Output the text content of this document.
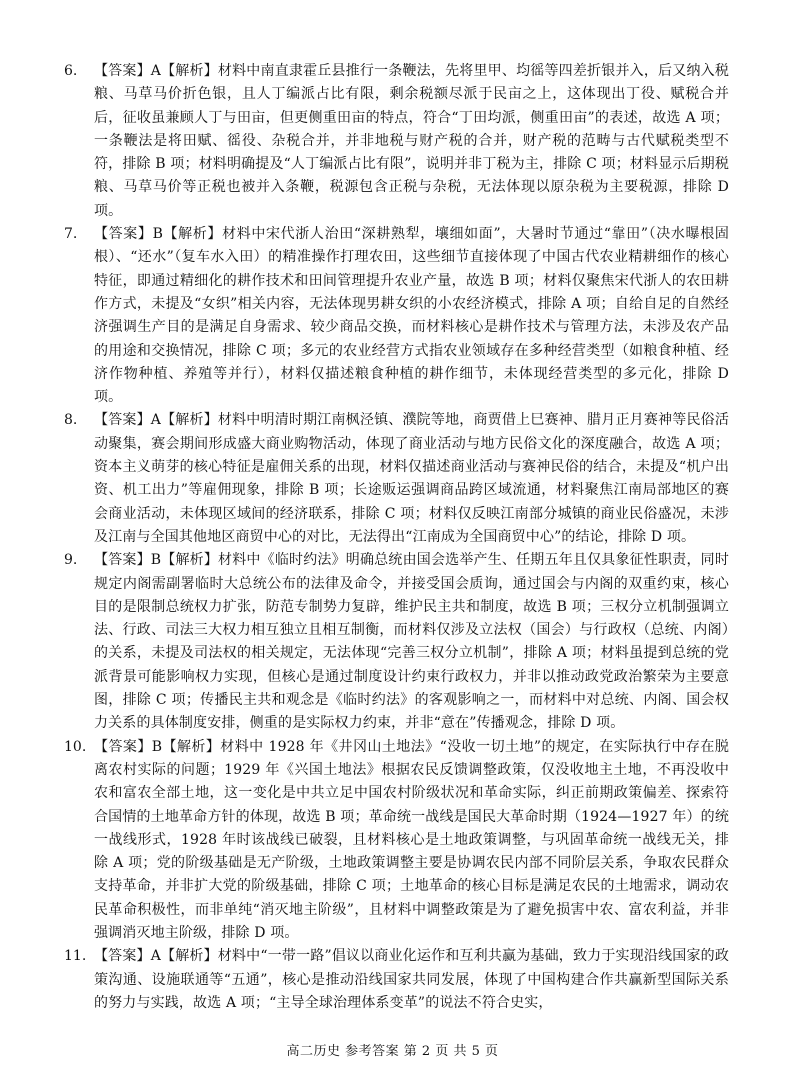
6.	【答案】A【解析】材料中南直隶霍丘县推行一条鞭法，先将里甲、均徭等四差折银并入，后又纳入税粮、马草马价折色银，且人丁编派占比有限，剩余税额尽派于民亩之上，这体现出丁役、赋税合并后，征收虽兼顾人丁与田亩，但更侧重田亩的特点，符合“丁田均派，侧重田亩”的表述，故选 A 项；一条鞭法是将田赋、徭役、杂税合并，并非地税与财产税的合并，财产税的范畴与古代赋税类型不符，排除 B 项；材料明确提及“人丁编派占比有限”，说明并非丁税为主，排除 C 项；材料显示后期税粮、马草马价等正税也被并入条鞭，税源包含正税与杂税，无法体现以原杂税为主要税源，排除 D 项。
7.	【答案】B【解析】材料中宋代浙人治田“深耕熟犁，壤细如面”，大暑时节通过“靠田”（决水曝根固根）、“还水”（复车水入田）的精准操作打理农田，这些细节直接体现了中国古代农业精耕细作的核心特征，即通过精细化的耕作技术和田间管理提升农业产量，故选 B 项；材料仅聚焦宋代浙人的农田耕作方式，未提及“女织”相关内容，无法体现男耕女织的小农经济模式，排除 A 项；自给自足的自然经济强调生产目的是满足自身需求、较少商品交换，而材料核心是耕作技术与管理方法，未涉及农产品的用途和交换情况，排除 C 项；多元的农业经营方式指农业领域存在多种经营类型（如粮食种植、经济作物种植、养殖等并行），材料仅描述粮食种植的耕作细节，未体现经营类型的多元化，排除 D 项。
8.	【答案】A【解析】材料中明清时期江南枫泾镇、濮院等地，商贾借上巳赛神、腊月正月赛神等民俗活动聚集，赛会期间形成盛大商业购物活动，体现了商业活动与地方民俗文化的深度融合，故选 A 项；资本主义萌芽的核心特征是雇佣关系的出现，材料仅描述商业活动与赛神民俗的结合，未提及“机户出资、机工出力”等雇佣现象，排除 B 项；长途贩运强调商品跨区域流通，材料聚焦江南局部地区的赛会商业活动，未体现区域间的经济联系，排除 C 项；材料仅反映江南部分城镇的商业民俗盛况，未涉及江南与全国其他地区商贸中心的对比，无法得出“江南成为全国商贸中心”的结论，排除 D 项。
9.	【答案】B【解析】材料中《临时约法》明确总统由国会选举产生、任期五年且仅具象征性职责，同时规定内阁需副署临时大总统公布的法律及命令，并接受国会质询，通过国会与内阁的双重约束，核心目的是限制总统权力扩张，防范专制势力复辟，维护民主共和制度，故选 B 项；三权分立机制强调立法、行政、司法三大权力相互独立且相互制衡，而材料仅涉及立法权（国会）与行政权（总统、内阁）的关系，未提及司法权的相关规定，无法体现“完善三权分立机制”，排除 A 项；材料虽提到总统的党派背景可能影响权力实现，但核心是通过制度设计约束行政权力，并非以推动政党政治繁荣为主要意图，排除 C 项；传播民主共和观念是《临时约法》的客观影响之一，而材料中对总统、内阁、国会权力关系的具体制度安排，侧重的是实际权力约束，并非“意在”传播观念，排除 D 项。
10. 【答案】B【解析】材料中 1928 年《井冈山土地法》“没收一切土地”的规定，在实际执行中存在脱离农村实际的问题；1929 年《兴国土地法》根据农民反馈调整政策，仅没收地主土地，不再没收中农和富农全部土地，这一变化是中共立足中国农村阶级状况和革命实际，纠正前期政策偏差、探索符合国情的土地革命方针的体现，故选 B 项；革命统一战线是国民大革命时期（1924—1927 年）的统一战线形式，1928 年时该战线已破裂，且材料核心是土地政策调整，与巩固革命统一战线无关，排除 A 项；党的阶级基础是无产阶级，土地政策调整主要是协调农民内部不同阶层关系，争取农民群众支持革命，并非扩大党的阶级基础，排除 C 项；土地革命的核心目标是满足农民的土地需求，调动农民革命积极性，而非单纯“消灭地主阶级”，且材料中调整政策是为了避免损害中农、富农利益，并非强调消灭地主阶级，排除 D 项。
11. 【答案】A【解析】材料中“一带一路”倡议以商业化运作和互利共赢为基础，致力于实现沿线国家的政策沟通、设施联通等“五通”，核心是推动沿线国家共同发展，体现了中国构建合作共赢新型国际关系的努力与实践，故选 A 项；“主导全球治理体系变革”的说法不符合史实，
高二历史 参考答案 第 2 页 共 5 页
